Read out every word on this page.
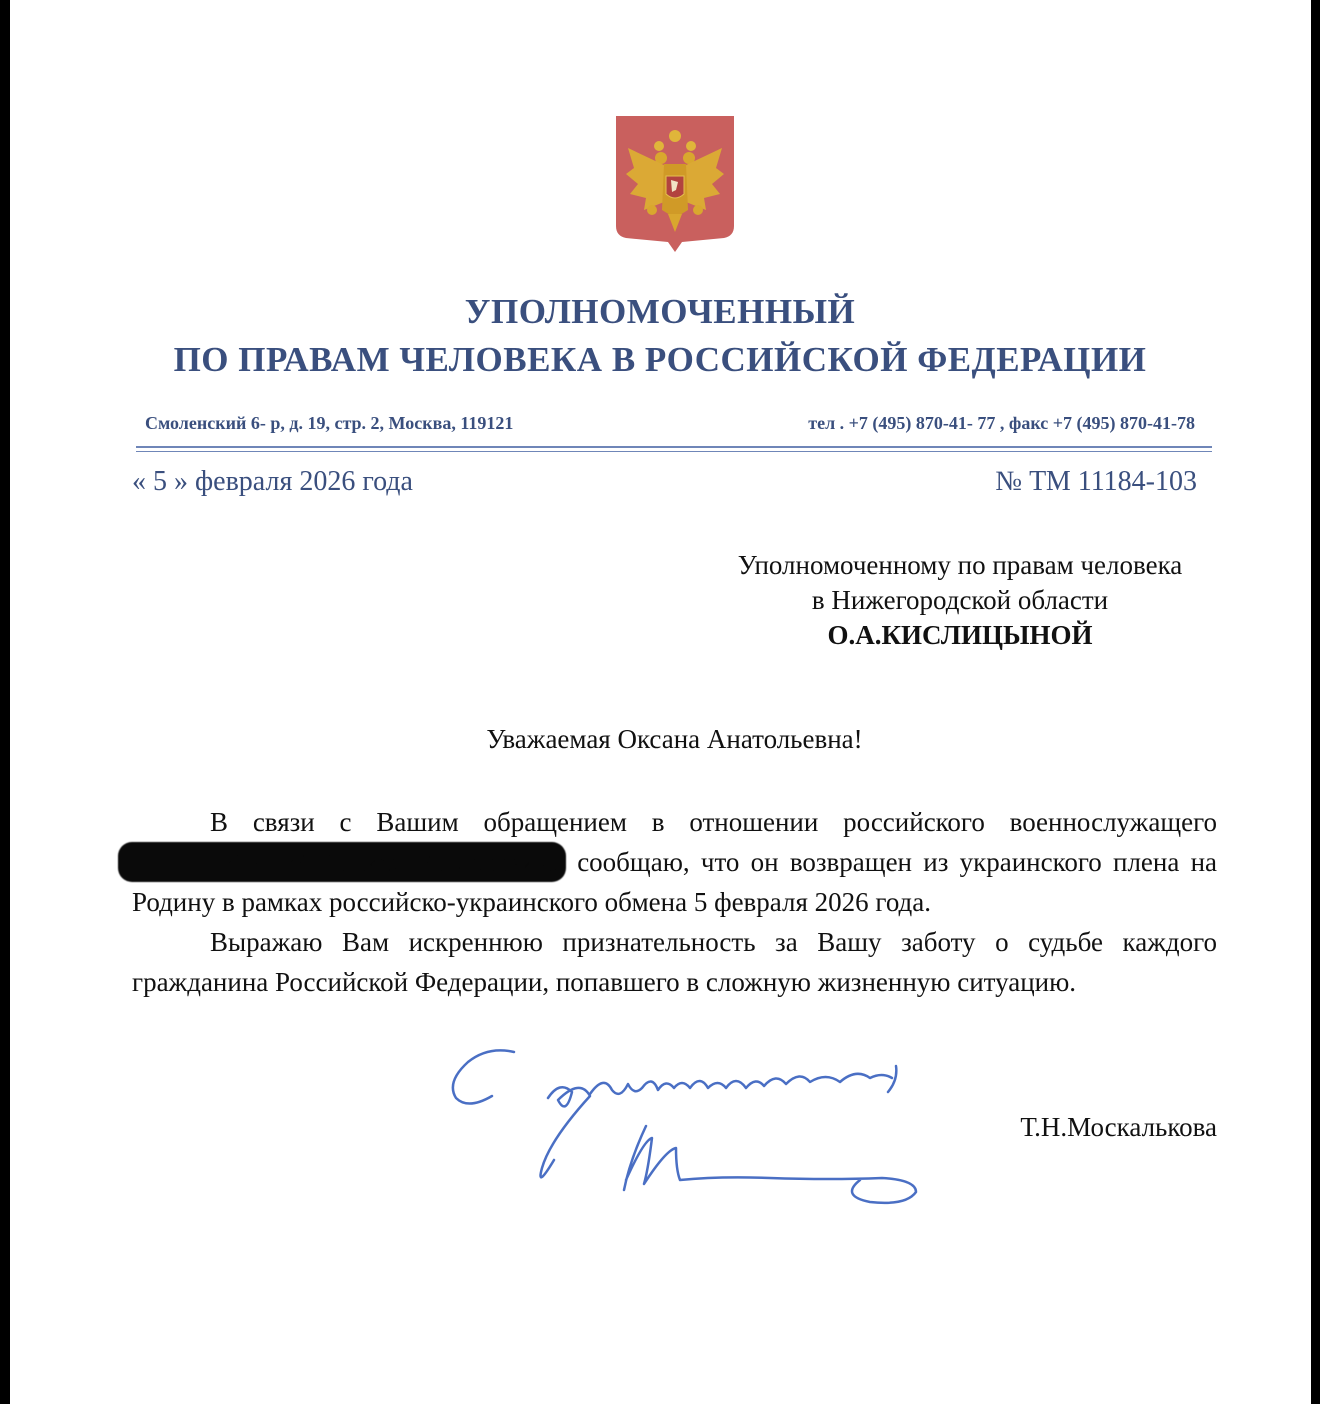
УПОЛНОМОЧЕННЫЙ
ПО ПРАВАМ ЧЕЛОВЕКА В РОССИЙСКОЙ ФЕДЕРАЦИИ
Смоленский 6- р, д. 19, стр. 2, Москва, 119121	тел . +7 (495) 870-41- 77 , факс +7 (495) 870-41-78
« 5 » февраля 2026 года	№ ТМ 11184-103
Уполномоченному по правам человека
в Нижегородской области
О.А.КИСЛИЦЫНОЙ
Уважаемая Оксана Анатольевна!

В связи с Вашим обращением в отношении российского военнослужащего ГРАЧЕВА Алексея Андреевича сообщаю, что он возвращен из украинского плена на Родину в рамках российско-украинского обмена 5 февраля 2026 года.

Выражаю Вам искреннюю признательность за Вашу заботу о судьбе каждого гражданина Российской Федерации, попавшего в сложную жизненную ситуацию.

Т.Н.Москалькова
